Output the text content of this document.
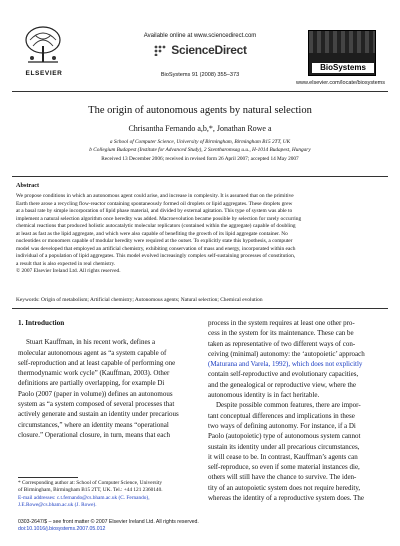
ELSEVIER
Available online at www.sciencedirect.com
ScienceDirect
BioSystems 91 (2008) 355–373
BioSystems
www.elsevier.com/locate/biosystems
The origin of autonomous agents by natural selection
Chrisantha Fernando a,b,*, Jonathan Rowe a
a School of Computer Science, University of Birmingham, Birmingham B15 2TT, UK
b Collegium Budapest (Institute for Advanced Study), 2 Szentharomsag u.u., H-1014 Budapest, Hungary
Received 13 December 2006; received in revised form 26 April 2007; accepted 14 May 2007
Abstract
We propose conditions in which an autonomous agent could arise, and increase in complexity. It is assumed that on the primitive
Earth there arose a recycling flow-reactor containing spontaneously formed oil droplets or lipid aggregates. These droplets grew
at a basal rate by simple incorporation of lipid phase material, and divided by external agitation. This type of system was able to
implement a natural selection algorithm once heredity was added. Macroevolution became possible by selection for rarely occurring
chemical reactions that produced holistic autocatalytic molecular replicators (contained within the aggregate) capable of doubling
at least as fast as the lipid aggregate, and which were also capable of benefiting the growth of its lipid aggregate container. No
nucleotides or monomers capable of modular heredity were required at the outset. To explicitly state this hypothesis, a computer
model was developed that employed an artificial chemistry, exhibiting conservation of mass and energy, incorporated within each
individual of a population of lipid aggregates. This model evolved increasingly complex self-sustaining processes of constitution,
a result that is also expected in real chemistry.
© 2007 Elsevier Ireland Ltd. All rights reserved.
Keywords: Origin of metabolism; Artificial chemistry; Autonomous agents; Natural selection; Chemical evolution
1. Introduction
Stuart Kauffman, in his recent work, defines a
molecular autonomous agent as “a system capable of
self-reproduction and at least capable of performing one
thermodynamic work cycle” (Kauffman, 2003). Other
definitions are partially overlapping, for example Di
Paolo (2007 (paper in volume)) defines an autonomous
system as “a system composed of several processes that
actively generate and sustain an identity under precarious
circumstances,” where an identity means “operational
closure.” Operational closure, in turn, means that each
process in the system requires at least one other pro-
cess in the system for its maintenance. These can be
taken as representative of two different ways of con-
ceiving (minimal) autonomy: the ‘autopoietic’ approach
(Maturana and Varela, 1992), which does not explicitly
contain self-reproductive and evolutionary capacities,
and the genealogical or reproductive view, where the
autonomous identity is in fact heritable.
Despite possible common features, there are impor-
tant conceptual differences and implications in these
two ways of defining autonomy. For instance, if a Di
Paolo (autopoietic) type of autonomous system cannot
sustain its identity under all precarious circumstances,
it will cease to be. In contrast, Kauffman’s agents can
self-reproduce, so even if some material instances die,
others will still have the chance to survive. The iden-
tity of an autopoietic system does not require heredity,
whereas the identity of a reproductive system does. The
* Corresponding author at: School of Computer Science, University
of Birmingham, Birmingham B15 2TT, UK. Tel.: +44 121 2360140.
E-mail addresses: c.t.fernando@cs.bham.ac.uk (C. Fernando),
J.E.Rowe@cs.bham.ac.uk (J. Rowe).
0303-2647/$ – see front matter © 2007 Elsevier Ireland Ltd. All rights reserved.
doi:10.1016/j.biosystems.2007.05.012
